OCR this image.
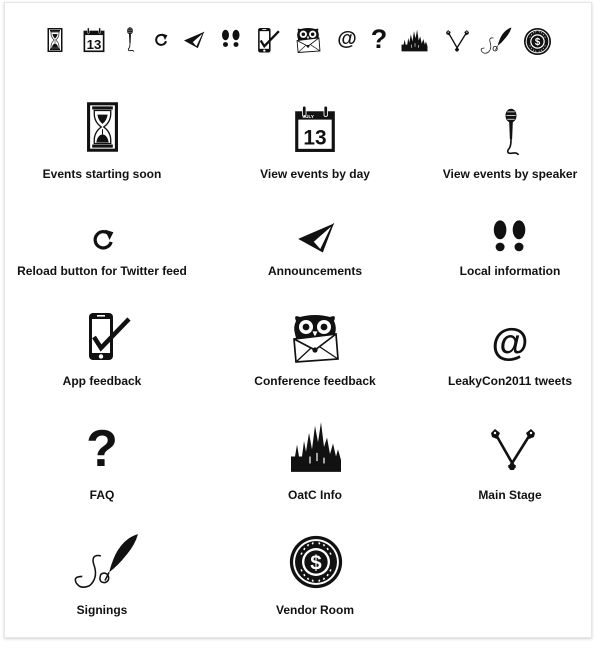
13	@ ?	$
Events starting soon
JULY
13
View events by day	View events by speaker
Reload button for Twitter feed	Announcements	Local information
App feedback	Conference feedback
@
LeakyCon2011 tweets
?
FAQ	OatC Info	Main Stage
Signings
$
Vendor Room
